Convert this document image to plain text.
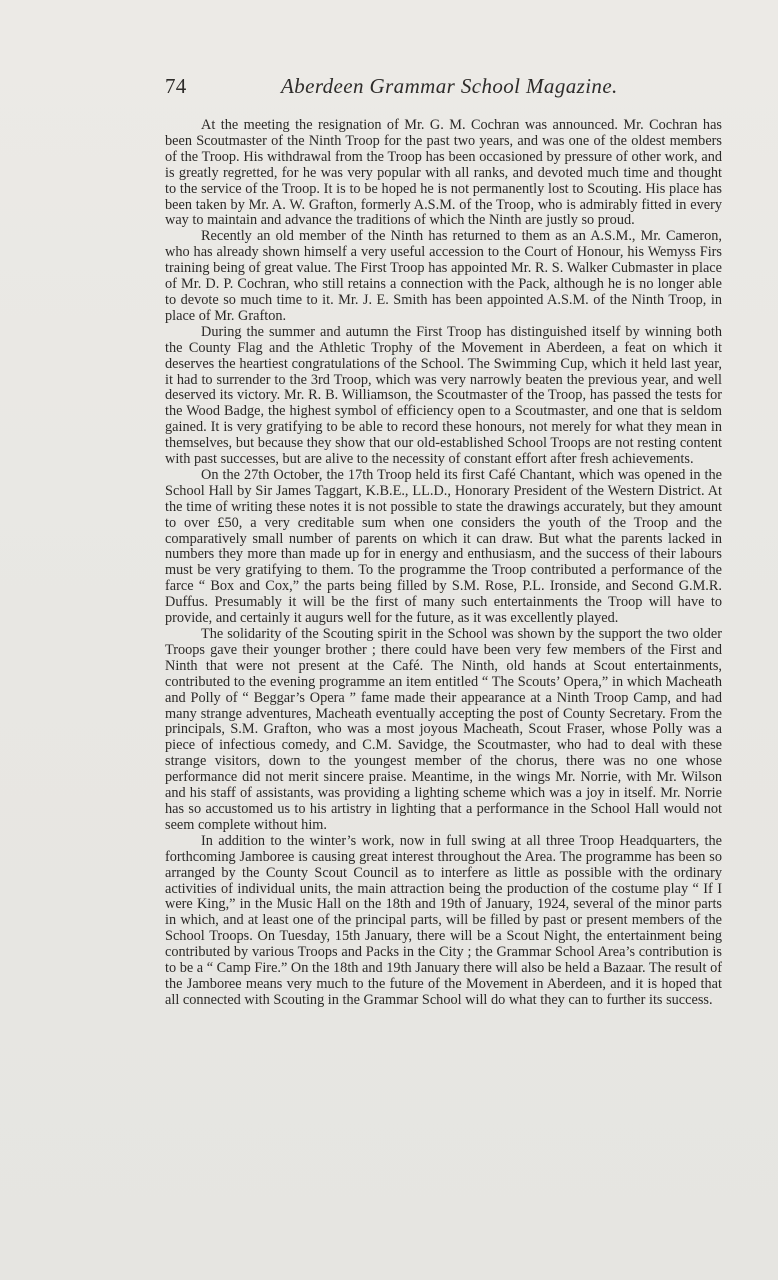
74	Aberdeen Grammar School Magazine.

At the meeting the resignation of Mr. G. M. Cochran was announced. Mr. Cochran has been Scoutmaster of the Ninth Troop for the past two years, and was one of the oldest members of the Troop. His withdrawal from the Troop has been occasioned by pressure of other work, and is greatly regretted, for he was very popular with all ranks, and devoted much time and thought to the service of the Troop. It is to be hoped he is not permanently lost to Scouting. His place has been taken by Mr. A. W. Grafton, formerly A.S.M. of the Troop, who is admirably fitted in every way to maintain and advance the traditions of which the Ninth are justly so proud.

Recently an old member of the Ninth has returned to them as an A.S.M., Mr. Cameron, who has already shown himself a very useful accession to the Court of Honour, his Wemyss Firs training being of great value. The First Troop has appointed Mr. R. S. Walker Cubmaster in place of Mr. D. P. Cochran, who still retains a connection with the Pack, although he is no longer able to devote so much time to it. Mr. J. E. Smith has been appointed A.S.M. of the Ninth Troop, in place of Mr. Grafton.

During the summer and autumn the First Troop has distinguished itself by winning both the County Flag and the Athletic Trophy of the Movement in Aberdeen, a feat on which it deserves the heartiest congratulations of the School. The Swimming Cup, which it held last year, it had to surrender to the 3rd Troop, which was very narrowly beaten the previous year, and well deserved its victory. Mr. R. B. Williamson, the Scoutmaster of the Troop, has passed the tests for the Wood Badge, the highest symbol of efficiency open to a Scoutmaster, and one that is seldom gained. It is very gratifying to be able to record these honours, not merely for what they mean in themselves, but because they show that our old-established School Troops are not resting content with past successes, but are alive to the necessity of constant effort after fresh achievements.

On the 27th October, the 17th Troop held its first Café Chantant, which was opened in the School Hall by Sir James Taggart, K.B.E., LL.D., Honorary President of the Western District. At the time of writing these notes it is not possible to state the drawings accurately, but they amount to over £50, a very creditable sum when one considers the youth of the Troop and the comparatively small number of parents on which it can draw. But what the parents lacked in numbers they more than made up for in energy and enthusiasm, and the success of their labours must be very gratifying to them. To the programme the Troop contributed a performance of the farce “ Box and Cox,” the parts being filled by S.M. Rose, P.L. Ironside, and Second G.M.R. Duffus. Presumably it will be the first of many such entertainments the Troop will have to provide, and certainly it augurs well for the future, as it was excellently played.

The solidarity of the Scouting spirit in the School was shown by the support the two older Troops gave their younger brother ; there could have been very few members of the First and Ninth that were not present at the Café. The Ninth, old hands at Scout entertainments, contributed to the evening programme an item entitled “ The Scouts’ Opera,” in which Macheath and Polly of “ Beggar’s Opera ” fame made their appearance at a Ninth Troop Camp, and had many strange adventures, Macheath eventually accepting the post of County Secretary. From the principals, S.M. Grafton, who was a most joyous Macheath, Scout Fraser, whose Polly was a piece of infectious comedy, and C.M. Savidge, the Scoutmaster, who had to deal with these strange visitors, down to the youngest member of the chorus, there was no one whose performance did not merit sincere praise. Meantime, in the wings Mr. Norrie, with Mr. Wilson and his staff of assistants, was providing a lighting scheme which was a joy in itself. Mr. Norrie has so accustomed us to his artistry in lighting that a performance in the School Hall would not seem complete without him.

In addition to the winter’s work, now in full swing at all three Troop Headquarters, the forthcoming Jamboree is causing great interest throughout the Area. The programme has been so arranged by the County Scout Council as to interfere as little as possible with the ordinary activities of individual units, the main attraction being the production of the costume play “ If I were King,” in the Music Hall on the 18th and 19th of January, 1924, several of the minor parts in which, and at least one of the principal parts, will be filled by past or present members of the School Troops. On Tuesday, 15th January, there will be a Scout Night, the entertainment being contributed by various Troops and Packs in the City ; the Grammar School Area’s contribution is to be a “ Camp Fire.” On the 18th and 19th January there will also be held a Bazaar. The result of the Jamboree means very much to the future of the Movement in Aberdeen, and it is hoped that all connected with Scouting in the Grammar School will do what they can to further its success.
